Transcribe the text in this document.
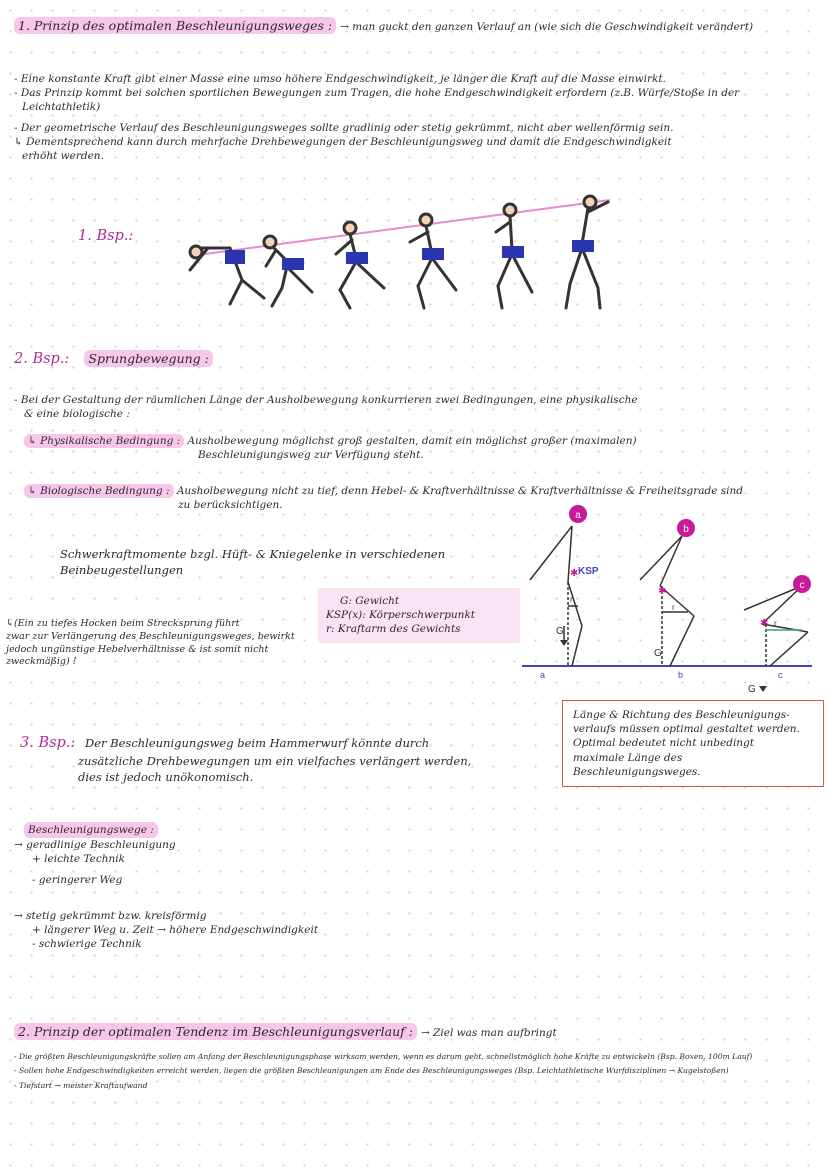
1. Prinzip des optimalen Beschleunigungsweges : → man guckt den ganzen Verlauf an (wie sich die Geschwindigkeit verändert)
- Eine konstante Kraft gibt einer Masse eine umso höhere Endgeschwindigkeit, je länger die Kraft auf die Masse einwirkt.
- Das Prinzip kommt bei solchen sportlichen Bewegungen zum Tragen, die hohe Endgeschwindigkeit erfordern (z.B. Würfe/Stoße in der
Leichtathletik)
- Der geometrische Verlauf des Beschleunigungsweges sollte gradlinig oder stetig gekrümmt, nicht aber wellenförmig sein.
↳ Dementsprechend kann durch mehrfache Drehbewegungen der Beschleunigungsweg und damit die Endgeschwindigkeit
erhöht werden.
1. Bsp.:
2. Bsp.: Sprungbewegung :
- Bei der Gestaltung der räumlichen Länge der Ausholbewegung konkurrieren zwei Bedingungen, eine physikalische
& eine biologische :
↳ Physikalische Bedingung : Ausholbewegung möglichst groß gestalten, damit ein möglichst großer (maximalen)
Beschleunigungsweg zur Verfügung steht.
↳ Biologische Bedingung : Ausholbewegung nicht zu tief, denn Hebel- & Kraftverhältnisse & Kraftverhältnisse & Freiheitsgrade sind
zu berücksichtigen.
Schwerkraftmomente bzgl. Hüft- & Kniegelenke in verschiedenen
Beinbeugestellungen
G: Gewicht
KSP(x): Körperschwerpunkt
r: Kraftarm des Gewichts
↳(Ein zu tiefes Hocken beim Strecksprung führt
zwar zur Verlängerung des Beschleunigungsweges, bewirkt
jedoch ungünstige Hebelverhältnisse & ist somit nicht
zweckmäßig) !
a
✱ KSP
r
G
a
b
✱
r
G
b
c
✱ r
c
G
3. Bsp.: Der Beschleunigungsweg beim Hammerwurf könnte durch
zusätzliche Drehbewegungen um ein vielfaches verlängert werden,
dies ist jedoch unökonomisch.
Länge & Richtung des Beschleunigungs-
verlaufs müssen optimal gestaltet werden.
Optimal bedeutet nicht unbedingt
maximale Länge des Beschleunigungsweges.
Beschleunigungswege :
→ geradlinige Beschleunigung
+ leichte Technik
- geringerer Weg
→ stetig gekrümmt bzw. kreisförmig
+ längerer Weg u. Zeit → höhere Endgeschwindigkeit
- schwierige Technik
2. Prinzip der optimalen Tendenz im Beschleunigungsverlauf : → Ziel was man aufbringt
- Die größten Beschleunigungskräfte sollen am Anfang der Beschleunigungsphase wirksam werden, wenn es darum geht, schnellstmöglich hohe Kräfte zu entwickeln (Bsp. Boxen, 100m Lauf)
- Sollen hohe Endgeschwindigkeiten erreicht werden, liegen die größten Beschleunigungen am Ende des Beschleunigungsweges (Bsp. Leichtathletische Wurfdisziplinen → Kugelstoßen)
- Tiefstart → meister Kraftaufwand
